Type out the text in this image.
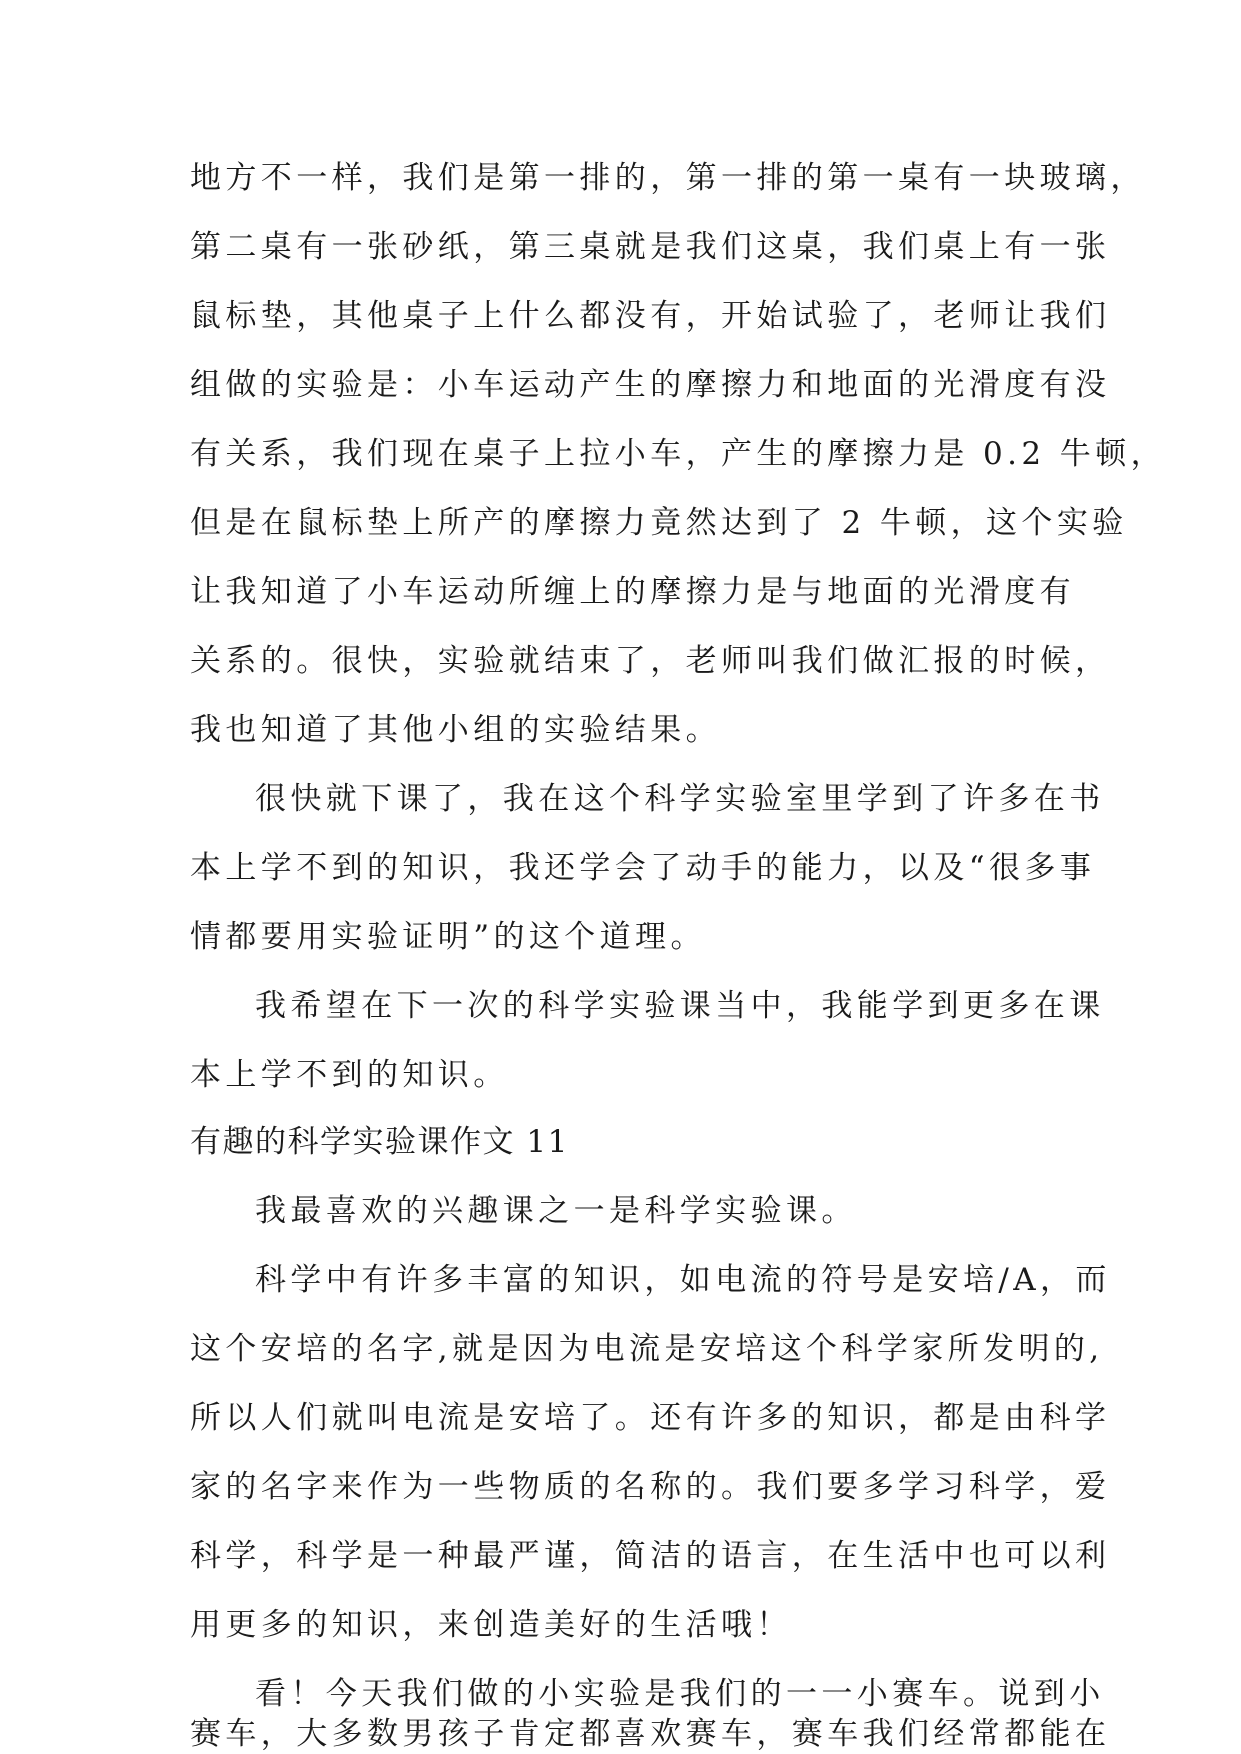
地方不一样，我们是第一排的，第一排的第一桌有一块玻璃，
第二桌有一张砂纸，第三桌就是我们这桌，我们桌上有一张
鼠标垫，其他桌子上什么都没有，开始试验了，老师让我们
组做的实验是：小车运动产生的摩擦力和地面的光滑度有没
有关系，我们现在桌子上拉小车，产生的摩擦力是 0.2 牛顿，
但是在鼠标垫上所产的摩擦力竟然达到了 2 牛顿，这个实验
让我知道了小车运动所缠上的摩擦力是与地面的光滑度有
关系的。很快，实验就结束了，老师叫我们做汇报的时候，
我也知道了其他小组的实验结果。
很快就下课了，我在这个科学实验室里学到了许多在书
本上学不到的知识，我还学会了动手的能力，以及“很多事
情都要用实验证明”的这个道理。
我希望在下一次的科学实验课当中，我能学到更多在课
本上学不到的知识。
有趣的科学实验课作文 11
我最喜欢的兴趣课之一是科学实验课。
科学中有许多丰富的知识，如电流的符号是安培/A，而
这个安培的名字,就是因为电流是安培这个科学家所发明的,
所以人们就叫电流是安培了。还有许多的知识，都是由科学
家的名字来作为一些物质的名称的。我们要多学习科学，爱
科学，科学是一种最严谨，简洁的语言，在生活中也可以利
用更多的知识，来创造美好的生活哦！
看！今天我们做的小实验是我们的一一小赛车。说到小
赛车，大多数男孩子肯定都喜欢赛车，赛车我们经常都能在
